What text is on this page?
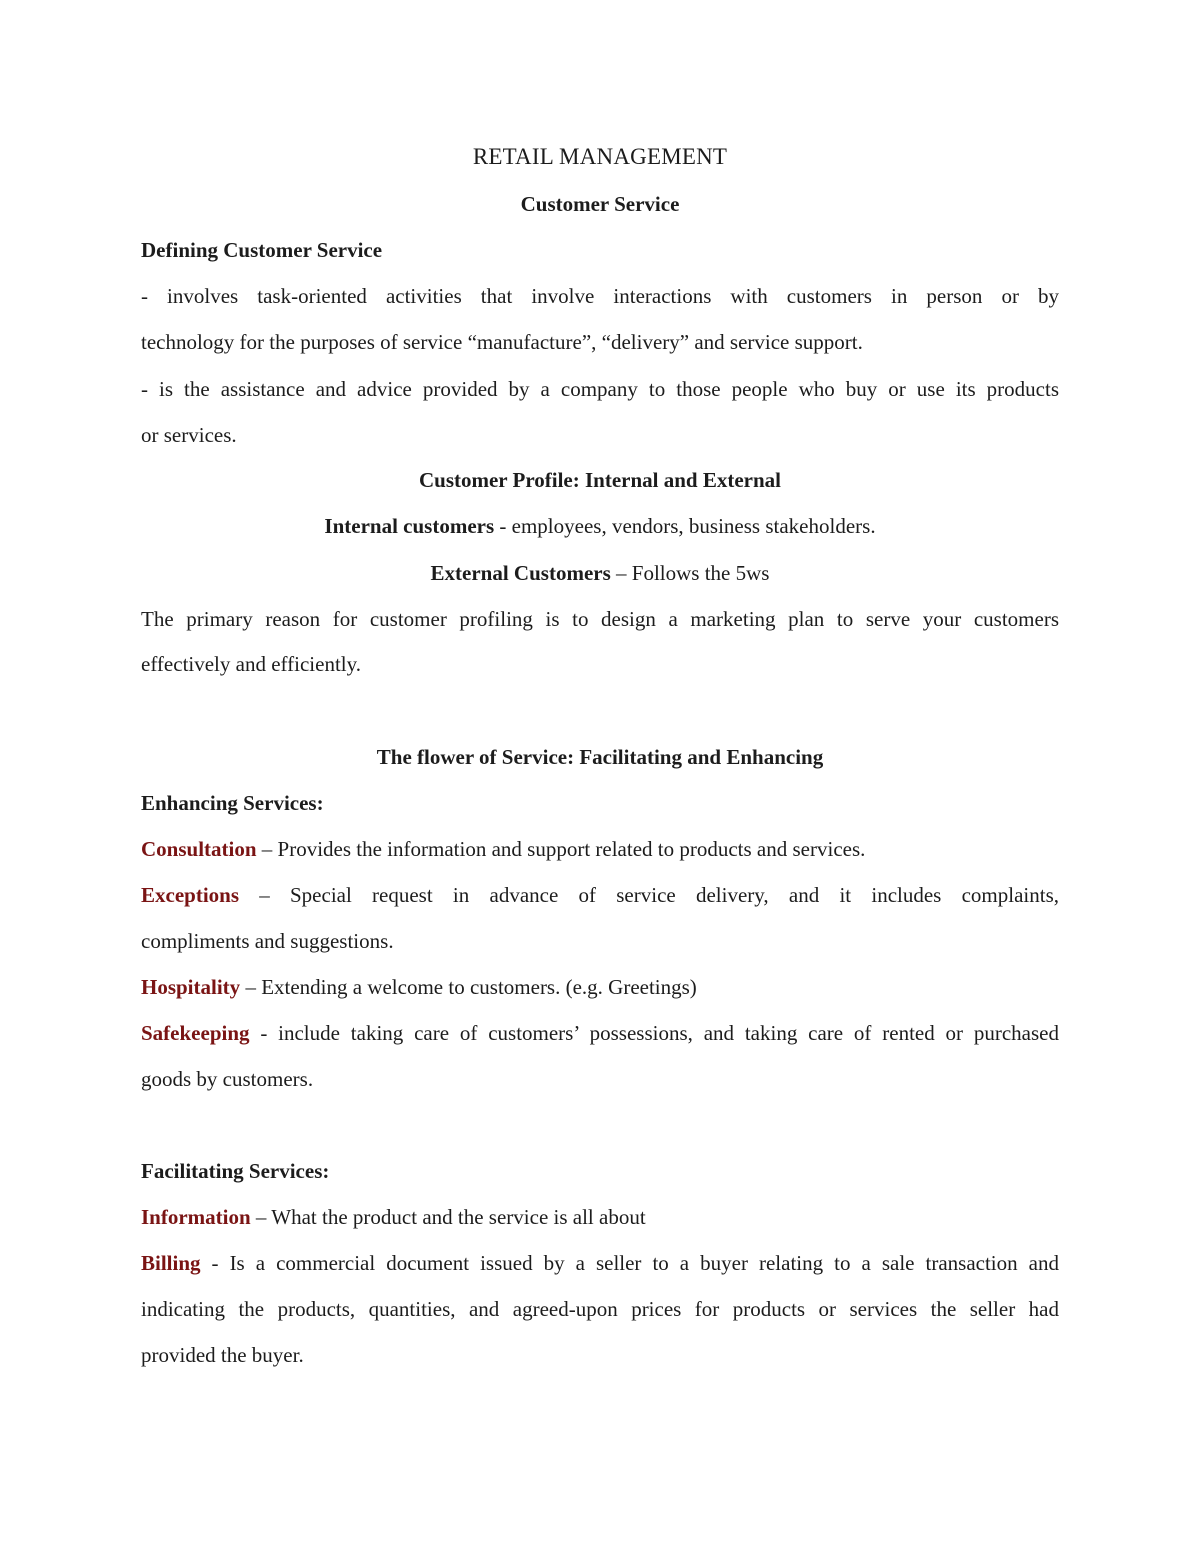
RETAIL MANAGEMENT
Customer Service
Defining Customer Service
- involves task-oriented activities that involve interactions with customers in person or by
technology for the purposes of service “manufacture”, “delivery” and service support.
- is the assistance and advice provided by a company to those people who buy or use its products
or services.
Customer Profile: Internal and External
Internal customers - employees, vendors, business stakeholders.
External Customers – Follows the 5ws
The primary reason for customer profiling is to design a marketing plan to serve your customers
effectively and efficiently.
The flower of Service: Facilitating and Enhancing
Enhancing Services:
Consultation – Provides the information and support related to products and services.
Exceptions – Special request in advance of service delivery, and it includes complaints,
compliments and suggestions.
Hospitality – Extending a welcome to customers. (e.g. Greetings)
Safekeeping - include taking care of customers’ possessions, and taking care of rented or purchased
goods by customers.
Facilitating Services:
Information – What the product and the service is all about
Billing - Is a commercial document issued by a seller to a buyer relating to a sale transaction and
indicating the products, quantities, and agreed-upon prices for products or services the seller had
provided the buyer.
